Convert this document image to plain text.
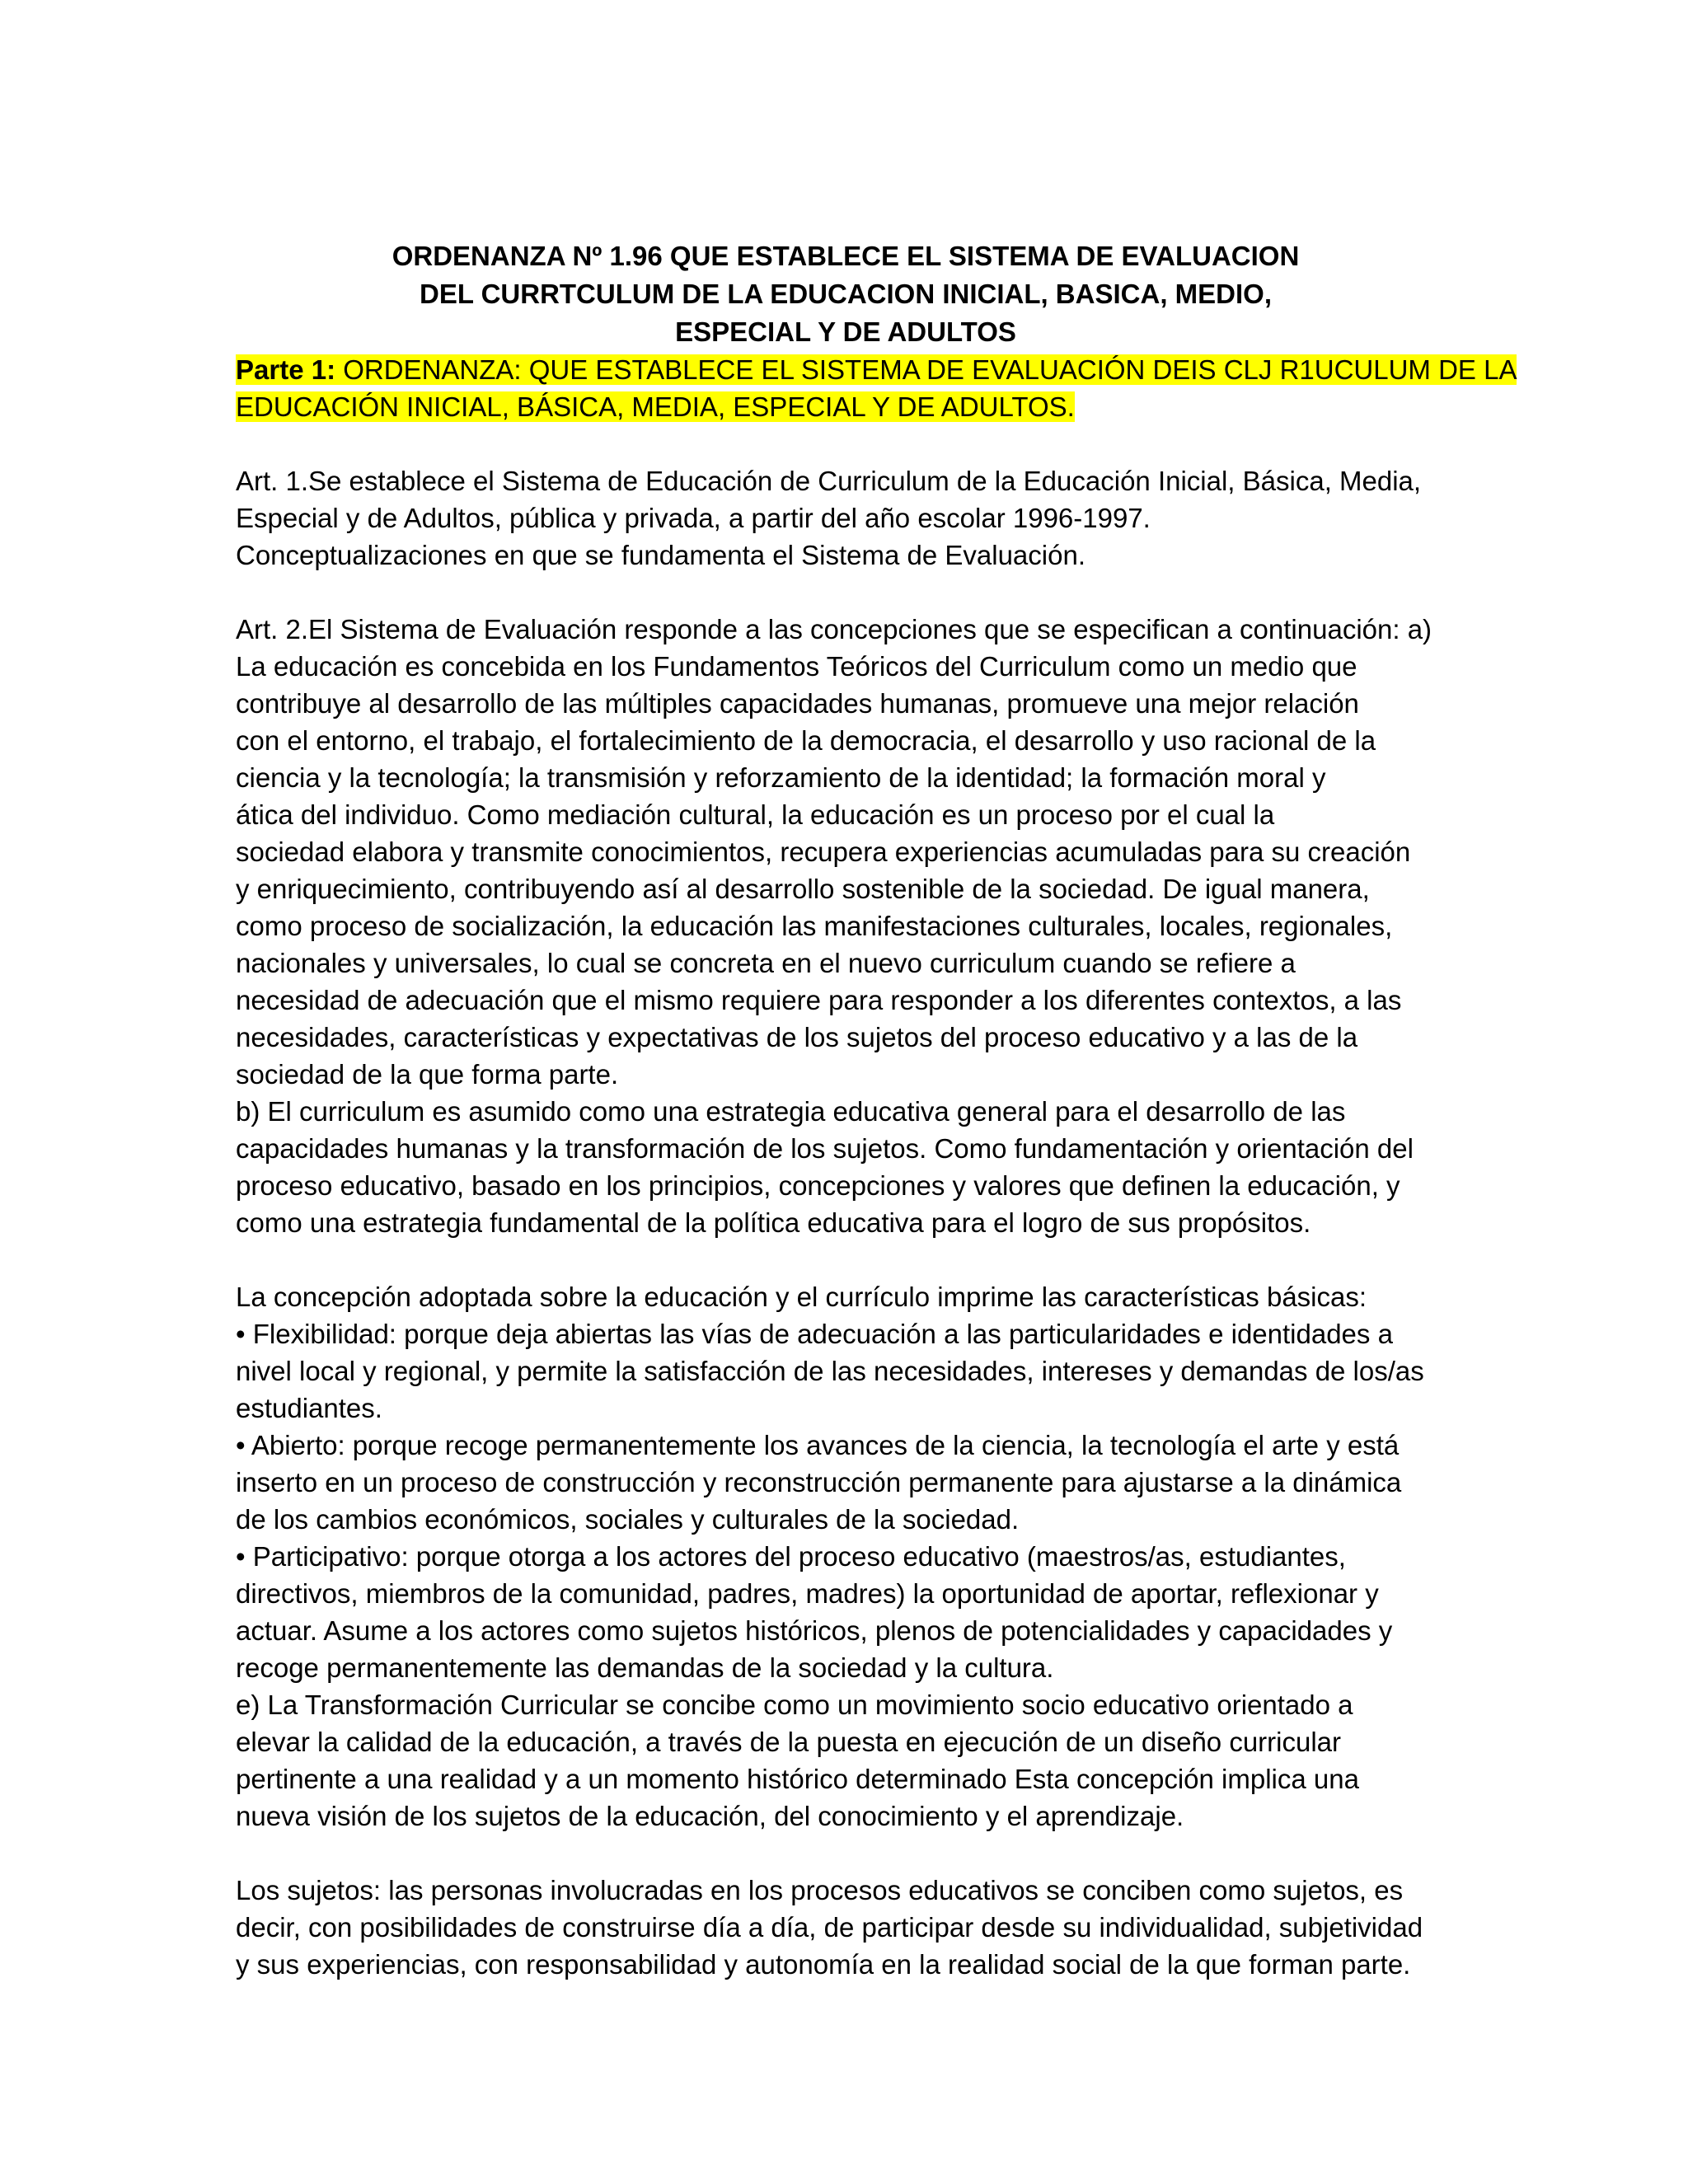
ORDENANZA Nº 1.96 QUE ESTABLECE EL SISTEMA DE EVALUACION
DEL CURRTCULUM DE LA EDUCACION INICIAL, BASICA, MEDIO,
ESPECIAL Y DE ADULTOS
Parte 1: ORDENANZA: QUE ESTABLECE EL SISTEMA DE EVALUACIÓN DEIS CLJ R1UCULUM DE LA
EDUCACIÓN INICIAL, BÁSICA, MEDIA, ESPECIAL Y DE ADULTOS.
Art. 1.Se establece el Sistema de Educación de Curriculum de la Educación Inicial, Básica, Media,
Especial y de Adultos, pública y privada, a partir del año escolar 1996-1997.
Conceptualizaciones en que se fundamenta el Sistema de Evaluación.
Art. 2.El Sistema de Evaluación responde a las concepciones que se especifican a continuación: a)
La educación es concebida en los Fundamentos Teóricos del Curriculum como un medio que
contribuye al desarrollo de las múltiples capacidades humanas, promueve una mejor relación
con el entorno, el trabajo, el fortalecimiento de la democracia, el desarrollo y uso racional de la
ciencia y la tecnología; la transmisión y reforzamiento de la identidad; la formación moral y
ática del individuo. Como mediación cultural, la educación es un proceso por el cual la
sociedad elabora y transmite conocimientos, recupera experiencias acumuladas para su creación
y enriquecimiento, contribuyendo así al desarrollo sostenible de la sociedad. De igual manera,
como proceso de socialización, la educación las manifestaciones culturales, locales, regionales,
nacionales y universales, lo cual se concreta en el nuevo curriculum cuando se refiere a
necesidad de adecuación que el mismo requiere para responder a los diferentes contextos, a las
necesidades, características y expectativas de los sujetos del proceso educativo y a las de la
sociedad de la que forma parte.
b) El curriculum es asumido como una estrategia educativa general para el desarrollo de las
capacidades humanas y la transformación de los sujetos. Como fundamentación y orientación del
proceso educativo, basado en los principios, concepciones y valores que definen la educación, y
como una estrategia fundamental de la política educativa para el logro de sus propósitos.
La concepción adoptada sobre la educación y el currículo imprime las características básicas:
• Flexibilidad: porque deja abiertas las vías de adecuación a las particularidades e identidades a
nivel local y regional, y permite la satisfacción de las necesidades, intereses y demandas de los/as
estudiantes.
• Abierto: porque recoge permanentemente los avances de la ciencia, la tecnología el arte y está
inserto en un proceso de construcción y reconstrucción permanente para ajustarse a la dinámica
de los cambios económicos, sociales y culturales de la sociedad.
• Participativo: porque otorga a los actores del proceso educativo (maestros/as, estudiantes,
directivos, miembros de la comunidad, padres, madres) la oportunidad de aportar, reflexionar y
actuar. Asume a los actores como sujetos históricos, plenos de potencialidades y capacidades y
recoge permanentemente las demandas de la sociedad y la cultura.
e) La Transformación Curricular se concibe como un movimiento socio educativo orientado a
elevar la calidad de la educación, a través de la puesta en ejecución de un diseño curricular
pertinente a una realidad y a un momento histórico determinado Esta concepción implica una
nueva visión de los sujetos de la educación, del conocimiento y el aprendizaje.
Los sujetos: las personas involucradas en los procesos educativos se conciben como sujetos, es
decir, con posibilidades de construirse día a día, de participar desde su individualidad, subjetividad
y sus experiencias, con responsabilidad y autonomía en la realidad social de la que forman parte.
